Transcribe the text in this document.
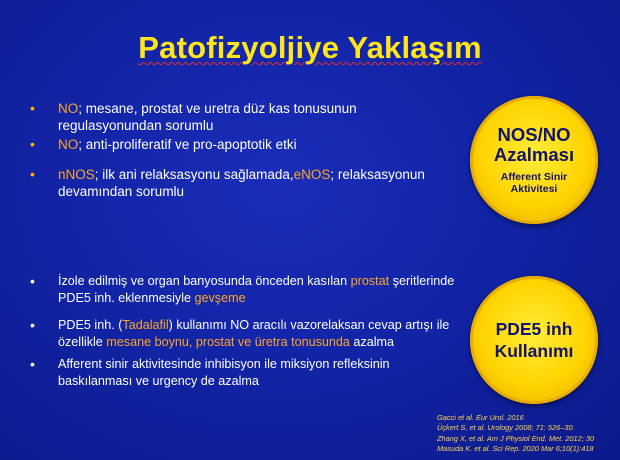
Patofizyoljiye Yaklaşım
• NO; mesane, prostat ve uretra düz kas tonusunun regulasyonundan sorumlu
• NO; anti-proliferatif ve pro-apoptotik etki
• nNOS; ilk ani relaksasyonu sağlamada,eNOS; relaksasyonun devamından sorumlu
• İzole edilmiş ve organ banyosunda önceden kasılan prostat şeritlerinde PDE5 inh. eklenmesiyle gevşeme
• PDE5 inh. (Tadalafil) kullanımı NO aracılı vazorelaksan cevap artışı ile özellikle mesane boynu, prostat ve üretra tonusunda azalma
• Afferent sinir aktivitesinde inhibisyon ile miksiyon refleksinin baskılanması ve urgency de azalma
NOS/NO
Azalması
Afferent Sinir
Aktivitesi
PDE5 inh
Kullanımı
Gacci et al. Eur Urol. 2016
Üçkert S, et al. Urology 2008; 71: 526–30.
Zhang X, et al. Am J Physiol End. Met. 2012; 30
Masuda K. et al. Sci Rep. 2020 Mar 6;10(1):418
